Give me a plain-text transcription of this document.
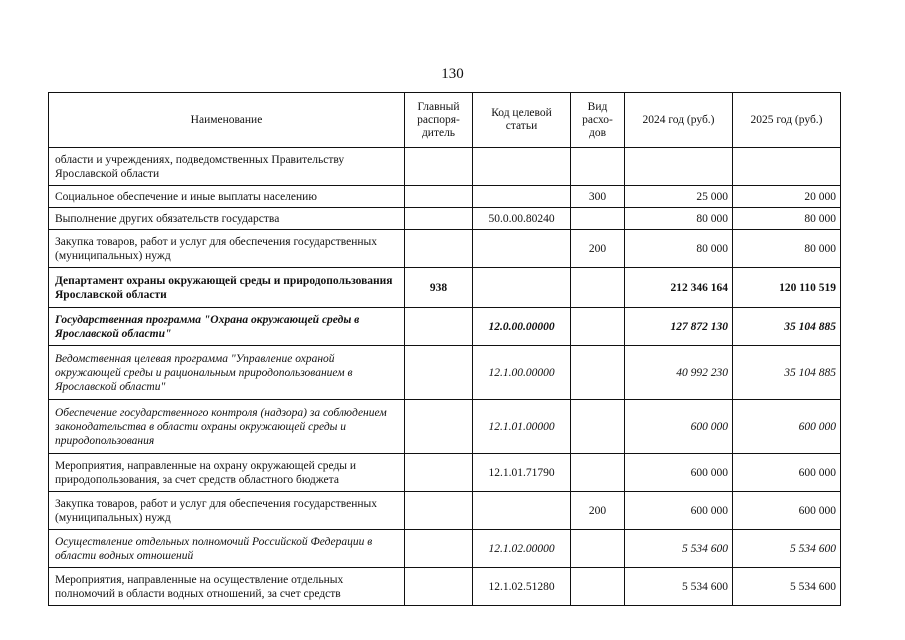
130
Наименование	Главный распоря-дитель	Код целевой статьи	Вид расхо-дов	2024 год (руб.)	2025 год (руб.)
области и учреждениях, подведомственных Правительству Ярославской области					
Социальное обеспечение и иные выплаты населению			300	25 000	20 000
Выполнение других обязательств государства		50.0.00.80240		80 000	80 000
Закупка товаров, работ и услуг для обеспечения государственных (муниципальных) нужд			200	80 000	80 000
Департамент охраны окружающей среды и природопользования Ярославской области	938			212 346 164	120 110 519
Государственная программа "Охрана окружающей среды в Ярославской области"		12.0.00.00000		127 872 130	35 104 885
Ведомственная целевая программа "Управление охраной окружающей среды и рациональным природопользованием в Ярославской области"		12.1.00.00000		40 992 230	35 104 885
Обеспечение государственного контроля (надзора) за соблюдением законодательства в области охраны окружающей среды и природопользования		12.1.01.00000		600 000	600 000
Мероприятия, направленные на охрану окружающей среды и природопользования, за счет средств областного бюджета		12.1.01.71790		600 000	600 000
Закупка товаров, работ и услуг для обеспечения государственных (муниципальных) нужд			200	600 000	600 000
Осуществление отдельных полномочий Российской Федерации в области водных отношений		12.1.02.00000		5 534 600	5 534 600
Мероприятия, направленные на осуществление отдельных полномочий в области водных отношений, за счет средств		12.1.02.51280		5 534 600	5 534 600
